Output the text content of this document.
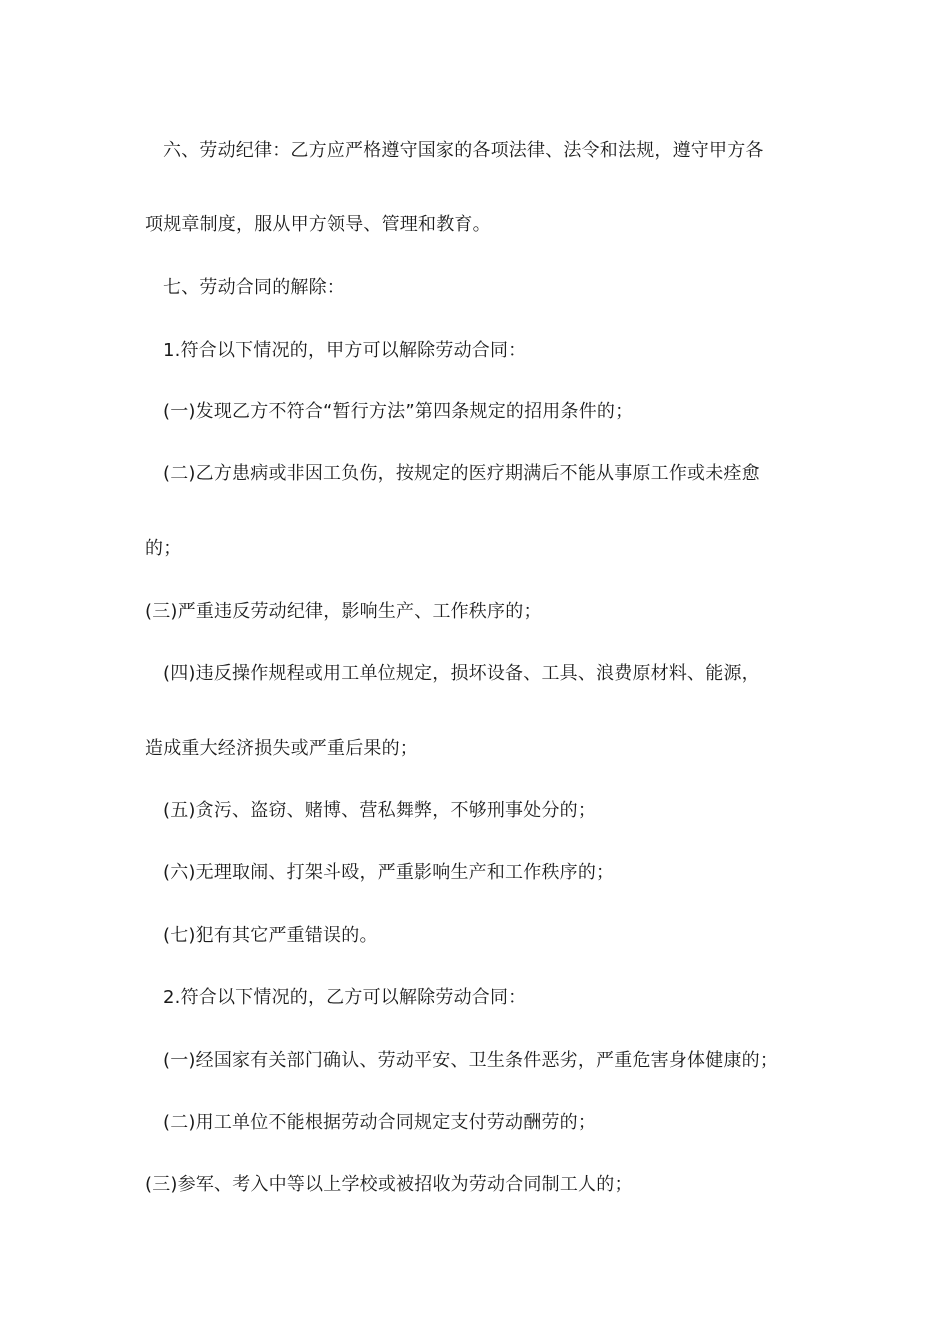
六、劳动纪律：乙方应严格遵守国家的各项法律、法令和法规，遵守甲方各
项规章制度，服从甲方领导、管理和教育。
七、劳动合同的解除：
1.符合以下情况的，甲方可以解除劳动合同：
(一)发现乙方不符合“暂行方法”第四条规定的招用条件的；
(二)乙方患病或非因工负伤，按规定的医疗期满后不能从事原工作或未痊愈
的；
(三)严重违反劳动纪律，影响生产、工作秩序的；
(四)违反操作规程或用工单位规定，损坏设备、工具、浪费原材料、能源，
造成重大经济损失或严重后果的；
(五)贪污、盗窃、赌博、营私舞弊，不够刑事处分的；
(六)无理取闹、打架斗殴，严重影响生产和工作秩序的；
(七)犯有其它严重错误的。
2.符合以下情况的，乙方可以解除劳动合同：
(一)经国家有关部门确认、劳动平安、卫生条件恶劣，严重危害身体健康的；
(二)用工单位不能根据劳动合同规定支付劳动酬劳的；
(三)参军、考入中等以上学校或被招收为劳动合同制工人的；
